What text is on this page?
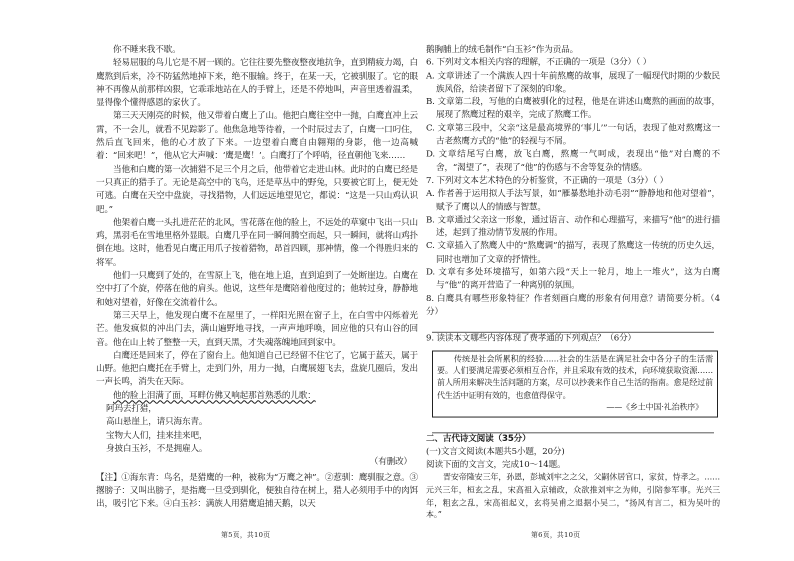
你不睡来我不歇。

轻易屈服的鸟儿它是不屑一顾的。它往往要先整夜整夜地抗争，直到精疲力竭，白鹰熬到后来，冷不防猛然地掉下来，绝不服输。终于，在某一天，它被驯服了。它的眼神不再像从前那样凶狠，它乖乖地站在人的手臂上，还是不停地叫，声音里透着温柔，显得像个懂得感恩的家伙了。

第三天天刚亮的时候，他又带着白鹰上了山。他把白鹰往空中一抛，白鹰直冲上云霄，不一会儿，就看不见踪影了。他焦急地等待着，一个时辰过去了，白鹰一口叼住，然后直飞回来，他的心才放了下来。一边望着白鹰自由翱翔的身影，他一边高喊着：“回来吧！”，他从它大声喊：‘鹰是鹰！’。白鹰打了个呼哨，径直朝他飞来……

当他和白鹰的第一次捕猎不足三个月之后，他带着它走进山林。此时的白鹰已经是一只真正的猎手了。无论是高空中的飞鸟，还是草丛中的野兔，只要被它盯上，便无处可逃。白鹰在天空中盘旋，寻找猎物，人们远远地望见它，都说：“这是一只山鸡认识吧。”

他架着白鹰一头扎进茫茫的北风，雪花落在他的脸上，不远处的草窠中飞出一只山鸡，黑羽毛在雪地里格外显眼。白鹰几乎在同一瞬间腾空而起，只一瞬间，就将山鸡扑倒在地。这时，他看见白鹰正用爪子按着猎物，昂首四顾，那神情，像一个得胜归来的将军。

他们一只鹰到了处的，在雪原上飞，他在地上追，直到追到了一处断崖边。白鹰在空中打了个旋，停落在他的肩头。他说，这些年是鹰陪着他度过的；他转过身，静静地和她对望着，好像在交流着什么。

第三天早上，他发现白鹰不在屋里了，一样阳光照在窗子上，在白雪中闪烁着光芒。他发疯似的冲出门去，满山遍野地寻找，一声声地呼唤，回应他的只有山谷的回音。他在山上转了整整一天，直到天黑，才失魂落魄地回到家中。

白鹰还是回来了，停在了窗台上。他知道自己已经留不住它了，它属于蓝天，属于山野。他把白鹰托在手臂上，走到门外，用力一抛，白鹰展翅飞去，盘旋几圈后，发出一声长鸣，消失在天际。

他的脸上泪满了面，耳畔仿佛又响起那首熟悉的儿歌：

阿玛去打猎，
高山悬崖上，请只海东青。
宝物大人们，挂来挂来吧，
身披白玉衫，不是拥雇人。

（有删改）

【注】①海东青：鸟名，是猎鹰的一种，被称为“万鹰之神”。②惹驯：鹰驯服之意。③撂膀子：又叫出膀子，是指鹰一旦受到驯化，便独自待在树上，猎人必须用手中的肉饵出，吸引它下来。④白玉衫：满族人用猎鹰追捕天鹅，以天

第5页，共10页

鹅胸脯上的绒毛制作“白玉衫”作为贡品。

6. 下列对文本相关内容的理解，不正确的一项是（3分）（ ）

A. 文章讲述了一个满族人四十年前熬鹰的故事，展现了一幅现代时期的少数民族风俗，给读者留下了深刻的印象。

B. 文章第二段，写他的白鹰被驯化的过程，他是在讲述山鹰熬的画面的故事，展现了熬鹰过程的艰辛，完成了熬鹰工作。

C. 文章第三段中，父亲“这是最高境界的‘事儿’”一句话，表现了他对熬鹰这一古老熬鹰方式的“他”的轻视与不屑。

D. 文章结尾写白鹰，放飞白鹰，熬鹰一气呵成，表现出“他”对白鹰的不舍，“渴望了”，表现了“他”的伤感与不舍等复杂的情感。

7. 下列对文本艺术特色的分析鉴赏，不正确的一项是（3分）（ ）

A. 作者善于运用拟人手法写景，如“雁暴愁地扑动毛羽”“静静地和他对望着”，赋予了鹰以人的情感与智慧。

B. 文章通过父亲这一形象，通过语言、动作和心理描写，来描写“他”的进行描述，起到了推动情节发展的作用。

C. 文章插入了熬鹰人中的“熬鹰调”的描写，表现了熬鹰这一传统的历史久远，同时也增加了文章的抒情性。

D. 文章有多处环境描写，如第六段“天上一轮月，地上一堆火”，这为白鹰与“他”的离开营造了一种离别的氛围。

8. 白鹰具有哪些形象特征？作者刻画白鹰的形象有何用意？请简要分析。（4分）

9. 读读本文哪些内容体现了费孝通的下列观点？（6分）

传统是社会所累积的经验……社会的生活是在满足社会中各分子的生活需要。人们要满足需要必须相互合作，并且采取有效的技术，向环境获取资源……前人所用来解决生活问题的方案，尽可以抄袭来作自己生活的指南。愈是经过前代生活中证明有效的，也愈值得保守。

——《乡土中国·礼治秩序》

二、古代诗文阅读（35分）

(一)文言文阅读(本题共5小题，20分)

阅读下面的文言文，完成10～14题。

晋安帝隆安三年，孙恩，彭城刘牢之之父，父嗣休居官口，家贫，恃孝之。……元兴三年，桓玄之乱，宋高祖入京辅政，众欲推刘牢之为帅，引陪参军事。光兴三年，粗玄之乱，宋高祖起义，玄将吴甫之退据小吴二，“扬风有言二，桓为吴叶的本。”

第6页，共10页
